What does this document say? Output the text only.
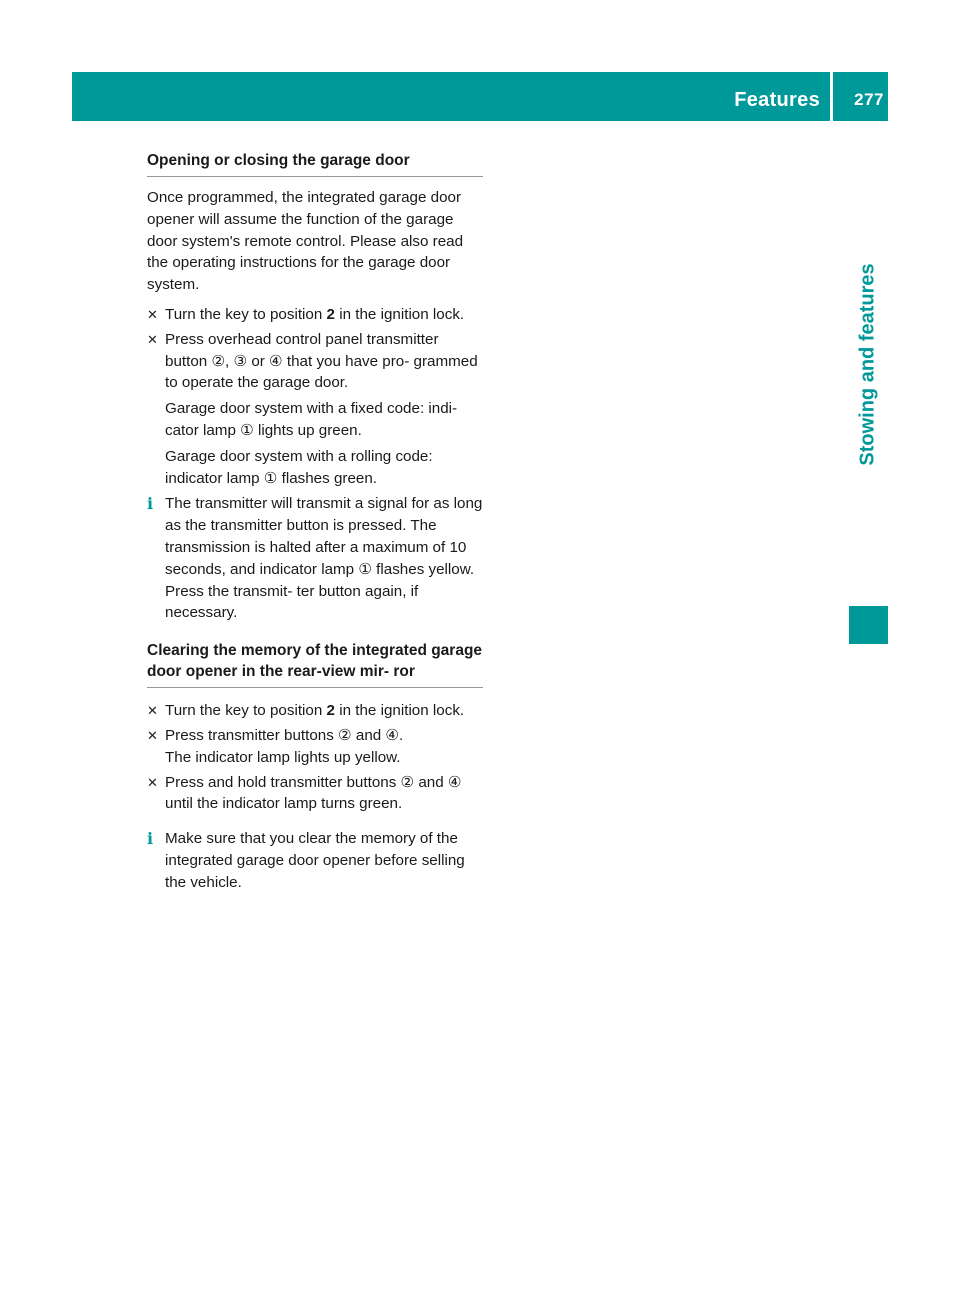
Features 277
Stowing and features
Opening or closing the garage door

Once programmed, the integrated garage door opener will assume the function of the garage door system's remote control. Please also read the operating instructions for the garage door system.

✕ Turn the key to position 2 in the ignition lock.
✕ Press overhead control panel transmitter button ②, ③ or ④ that you have pro- grammed to operate the garage door.

Garage door system with a fixed code: indi- cator lamp ① lights up green.

Garage door system with a rolling code: indicator lamp ① flashes green.

i The transmitter will transmit a signal for as long as the transmitter button is pressed. The transmission is halted after a maximum of 10 seconds, and indicator lamp ① flashes yellow. Press the transmit- ter button again, if necessary.
Clearing the memory of the integrated garage door opener in the rear-view mir- ror
✕ Turn the key to position 2 in the ignition lock.
✕ Press transmitter buttons ② and ④.
The indicator lamp lights up yellow.
✕ Press and hold transmitter buttons ② and ④ until the indicator lamp turns green.
i Make sure that you clear the memory of the integrated garage door opener before selling the vehicle.
